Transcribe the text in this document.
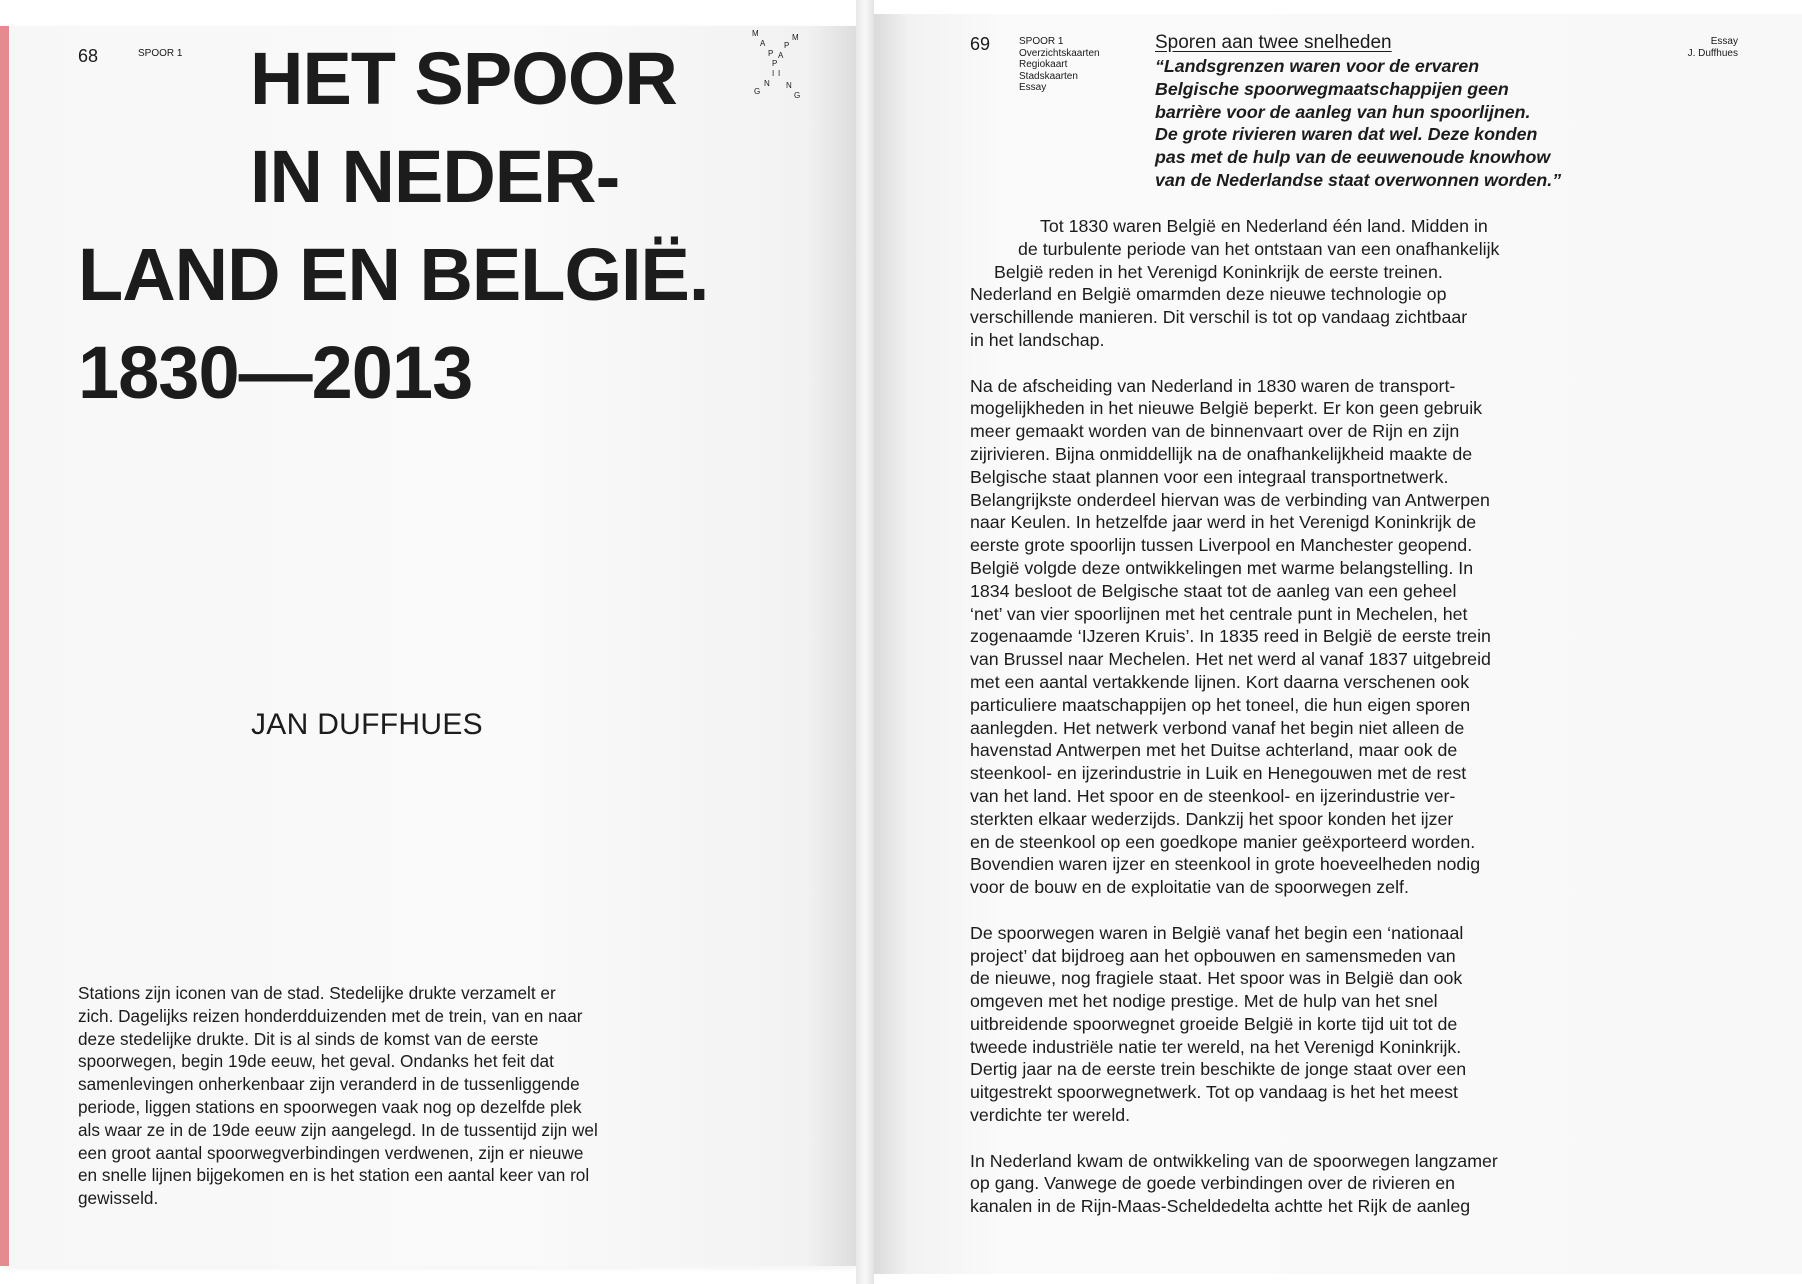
68	SPOOR 1 HET SPOOR
IN NEDER-
LAND EN BELGIË.
1830—2013
JAN DUFFHUES
Stations zijn iconen van de stad. Stedelijke drukte verzamelt er
zich. Dagelijks reizen honderdduizenden met de trein, van en naar
deze stedelijke drukte. Dit is al sinds de komst van de eerste
spoorwegen, begin 19de eeuw, het geval. Ondanks het feit dat
samenlevingen onherkenbaar zijn veranderd in de tussenliggende
periode, liggen stations en spoorwegen vaak nog op dezelfde plek
als waar ze in de 19de eeuw zijn aangelegd. In de tussentijd zijn wel
een groot aantal spoorwegverbindingen verdwenen, zijn er nieuwe
en snelle lijnen bijgekomen en is het station een aantal keer van rol
gewisseld.
M
A
P
P
I
N
G
A
P
I
N
G
M	69	SPOOR 1
Overzichtskaarten
Regiokaart
Stadskaarten
Essay
Essay
J. Duffhues
Sporen aan twee snelheden
“Landsgrenzen waren voor de ervaren
Belgische spoorwegmaatschappijen geen
barrière voor de aanleg van hun spoorlijnen.
De grote rivieren waren dat wel. Deze konden
pas met de hulp van de eeuwenoude knowhow
van de Nederlandse staat overwonnen worden.”
Tot 1830 waren België en Nederland één land. Midden in
de turbulente periode van het ontstaan van een onafhankelijk
België reden in het Verenigd Koninkrijk de eerste treinen.
Nederland en België omarmden deze nieuwe technologie op
verschillende manieren. Dit verschil is tot op vandaag zichtbaar
in het landschap.
Na de afscheiding van Nederland in 1830 waren de transport-
mogelijkheden in het nieuwe België beperkt. Er kon geen gebruik
meer gemaakt worden van de binnenvaart over de Rijn en zijn
zijrivieren. Bijna onmiddellijk na de onafhankelijkheid maakte de
Belgische staat plannen voor een integraal transportnetwerk.
Belangrijkste onderdeel hiervan was de verbinding van Antwerpen
naar Keulen. In hetzelfde jaar werd in het Verenigd Koninkrijk de
eerste grote spoorlijn tussen Liverpool en Manchester geopend.
België volgde deze ontwikkelingen met warme belangstelling. In
1834 besloot de Belgische staat tot de aanleg van een geheel
‘net’ van vier spoorlijnen met het centrale punt in Mechelen, het
zogenaamde ‘IJzeren Kruis’. In 1835 reed in België de eerste trein
van Brussel naar Mechelen. Het net werd al vanaf 1837 uitgebreid
met een aantal vertakkende lijnen. Kort daarna verschenen ook
particuliere maatschappijen op het toneel, die hun eigen sporen
aanlegden. Het netwerk verbond vanaf het begin niet alleen de
havenstad Antwerpen met het Duitse achterland, maar ook de
steenkool- en ijzerindustrie in Luik en Henegouwen met de rest
van het land. Het spoor en de steenkool- en ijzerindustrie ver-
sterkten elkaar wederzijds. Dankzij het spoor konden het ijzer
en de steenkool op een goedkope manier geëxporteerd worden.
Bovendien waren ijzer en steenkool in grote hoeveelheden nodig
voor de bouw en de exploitatie van de spoorwegen zelf.
De spoorwegen waren in België vanaf het begin een ‘nationaal
project’ dat bijdroeg aan het opbouwen en samensmeden van
de nieuwe, nog fragiele staat. Het spoor was in België dan ook
omgeven met het nodige prestige. Met de hulp van het snel
uitbreidende spoorwegnet groeide België in korte tijd uit tot de
tweede industriële natie ter wereld, na het Verenigd Koninkrijk.
Dertig jaar na de eerste trein beschikte de jonge staat over een
uitgestrekt spoorwegnetwerk. Tot op vandaag is het het meest
verdichte ter wereld.
In Nederland kwam de ontwikkeling van de spoorwegen langzamer
op gang. Vanwege de goede verbindingen over de rivieren en
kanalen in de Rijn-Maas-Scheldedelta achtte het Rijk de aanleg
